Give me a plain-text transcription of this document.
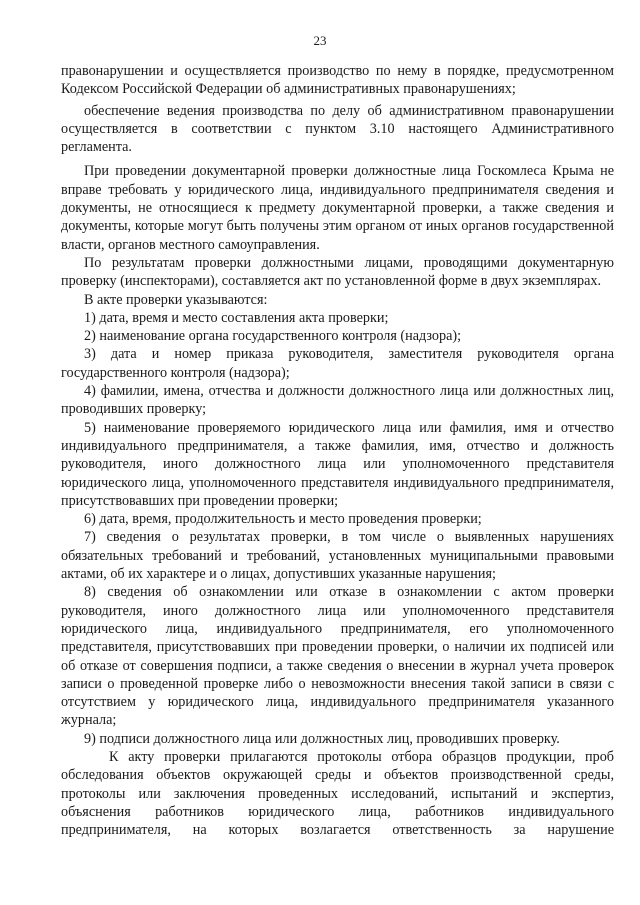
23

правонарушении и осуществляется производство по нему в порядке, предусмотренном Кодексом Российской Федерации об административных правонарушениях;

обеспечение ведения производства по делу об административном правонарушении осуществляется в соответствии с пунктом 3.10 настоящего Административного регламента.

При проведении документарной проверки должностные лица Госкомлеса Крыма не вправе требовать у юридического лица, индивидуального предпринимателя сведения и документы, не относящиеся к предмету документарной проверки, а также сведения и документы, которые могут быть получены этим органом от иных органов государственной власти, органов местного самоуправления.

По результатам проверки должностными лицами, проводящими документарную проверку (инспекторами), составляется акт по установленной форме в двух экземплярах.

В акте проверки указываются:

1) дата, время и место составления акта проверки;

2) наименование органа государственного контроля (надзора);

3) дата и номер приказа руководителя, заместителя руководителя органа государственного контроля (надзора);

4) фамилии, имена, отчества и должности должностного лица или должностных лиц, проводивших проверку;

5) наименование проверяемого юридического лица или фамилия, имя и отчество индивидуального предпринимателя, а также фамилия, имя, отчество и должность руководителя, иного должностного лица или уполномоченного представителя юридического лица, уполномоченного представителя индивидуального предпринимателя, присутствовавших при проведении проверки;

6) дата, время, продолжительность и место проведения проверки;

7) сведения о результатах проверки, в том числе о выявленных нарушениях обязательных требований и требований, установленных муниципальными правовыми актами, об их характере и о лицах, допустивших указанные нарушения;

8) сведения об ознакомлении или отказе в ознакомлении с актом проверки руководителя, иного должностного лица или уполномоченного представителя юридического лица, индивидуального предпринимателя, его уполномоченного представителя, присутствовавших при проведении проверки, о наличии их подписей или об отказе от совершения подписи, а также сведения о внесении в журнал учета проверок записи о проведенной проверке либо о невозможности внесения такой записи в связи с отсутствием у юридического лица, индивидуального предпринимателя указанного журнала;

9) подписи должностного лица или должностных лиц, проводивших проверку.

К акту проверки прилагаются протоколы отбора образцов продукции, проб обследования объектов окружающей среды и объектов производственной среды, протоколы или заключения проведенных исследований, испытаний и экспертиз, объяснения работников юридического лица, работников индивидуального предпринимателя, на которых возлагается ответственность за нарушение
